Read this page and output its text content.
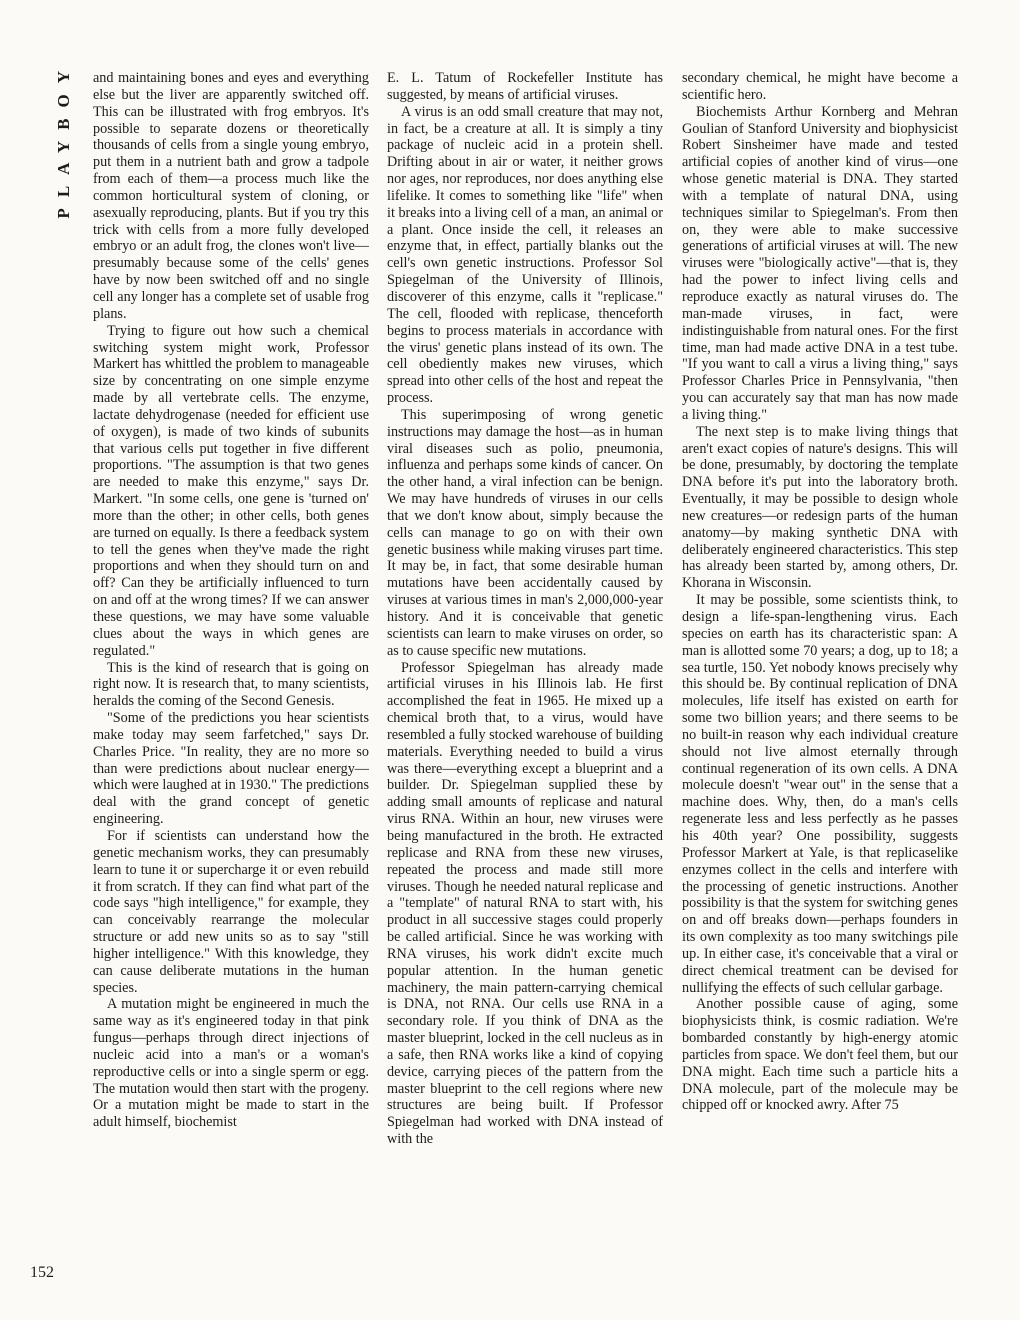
PLAYBOY and maintaining bones and eyes and everything else but the liver are apparently switched off. This can be illustrated with frog embryos. It's possible to separate dozens or theoretically thousands of cells from a single young embryo, put them in a nutrient bath and grow a tadpole from each of them—a process much like the common horticultural system of cloning, or asexually reproducing, plants. But if you try this trick with cells from a more fully developed embryo or an adult frog, the clones won't live—presumably because some of the cells' genes have by now been switched off and no single cell any longer has a complete set of usable frog plans.

Trying to figure out how such a chemical switching system might work, Professor Markert has whittled the problem to manageable size by concentrating on one simple enzyme made by all vertebrate cells. The enzyme, lactate dehydrogenase (needed for efficient use of oxygen), is made of two kinds of subunits that various cells put together in five different proportions. "The assumption is that two genes are needed to make this enzyme," says Dr. Markert. "In some cells, one gene is 'turned on' more than the other; in other cells, both genes are turned on equally. Is there a feedback system to tell the genes when they've made the right proportions and when they should turn on and off? Can they be artificially influenced to turn on and off at the wrong times? If we can answer these questions, we may have some valuable clues about the ways in which genes are regulated."

This is the kind of research that is going on right now. It is research that, to many scientists, heralds the coming of the Second Genesis.

"Some of the predictions you hear scientists make today may seem farfetched," says Dr. Charles Price. "In reality, they are no more so than were predictions about nuclear energy—which were laughed at in 1930." The predictions deal with the grand concept of genetic engineering.

For if scientists can understand how the genetic mechanism works, they can presumably learn to tune it or supercharge it or even rebuild it from scratch. If they can find what part of the code says "high intelligence," for example, they can conceivably rearrange the molecular structure or add new units so as to say "still higher intelligence." With this knowledge, they can cause deliberate mutations in the human species.

A mutation might be engineered in much the same way as it's engineered today in that pink fungus—perhaps through direct injections of nucleic acid into a man's or a woman's reproductive cells or into a single sperm or egg. The mutation would then start with the progeny. Or a mutation might be made to start in the adult himself, biochemist

E. L. Tatum of Rockefeller Institute has suggested, by means of artificial viruses.

A virus is an odd small creature that may not, in fact, be a creature at all. It is simply a tiny package of nucleic acid in a protein shell. Drifting about in air or water, it neither grows nor ages, nor reproduces, nor does anything else lifelike. It comes to something like "life" when it breaks into a living cell of a man, an animal or a plant. Once inside the cell, it releases an enzyme that, in effect, partially blanks out the cell's own genetic instructions. Professor Sol Spiegelman of the University of Illinois, discoverer of this enzyme, calls it "replicase." The cell, flooded with replicase, thenceforth begins to process materials in accordance with the virus' genetic plans instead of its own. The cell obediently makes new viruses, which spread into other cells of the host and repeat the process.

This superimposing of wrong genetic instructions may damage the host—as in human viral diseases such as polio, pneumonia, influenza and perhaps some kinds of cancer. On the other hand, a viral infection can be benign. We may have hundreds of viruses in our cells that we don't know about, simply because the cells can manage to go on with their own genetic business while making viruses part time. It may be, in fact, that some desirable human mutations have been accidentally caused by viruses at various times in man's 2,000,000-year history. And it is conceivable that genetic scientists can learn to make viruses on order, so as to cause specific new mutations.

Professor Spiegelman has already made artificial viruses in his Illinois lab. He first accomplished the feat in 1965. He mixed up a chemical broth that, to a virus, would have resembled a fully stocked warehouse of building materials. Everything needed to build a virus was there—everything except a blueprint and a builder. Dr. Spiegelman supplied these by adding small amounts of replicase and natural virus RNA. Within an hour, new viruses were being manufactured in the broth. He extracted replicase and RNA from these new viruses, repeated the process and made still more viruses. Though he needed natural replicase and a "template" of natural RNA to start with, his product in all successive stages could properly be called artificial. Since he was working with RNA viruses, his work didn't excite much popular attention. In the human genetic machinery, the main pattern-carrying chemical is DNA, not RNA. Our cells use RNA in a secondary role. If you think of DNA as the master blueprint, locked in the cell nucleus as in a safe, then RNA works like a kind of copying device, carrying pieces of the pattern from the master blueprint to the cell regions where new structures are being built. If Professor Spiegelman had worked with DNA instead of with the

secondary chemical, he might have become a scientific hero.

Biochemists Arthur Kornberg and Mehran Goulian of Stanford University and biophysicist Robert Sinsheimer have made and tested artificial copies of another kind of virus—one whose genetic material is DNA. They started with a template of natural DNA, using techniques similar to Spiegelman's. From then on, they were able to make successive generations of artificial viruses at will. The new viruses were "biologically active"—that is, they had the power to infect living cells and reproduce exactly as natural viruses do. The man-made viruses, in fact, were indistinguishable from natural ones. For the first time, man had made active DNA in a test tube. "If you want to call a virus a living thing," says Professor Charles Price in Pennsylvania, "then you can accurately say that man has now made a living thing."

The next step is to make living things that aren't exact copies of nature's designs. This will be done, presumably, by doctoring the template DNA before it's put into the laboratory broth. Eventually, it may be possible to design whole new creatures—or redesign parts of the human anatomy—by making synthetic DNA with deliberately engineered characteristics. This step has already been started by, among others, Dr. Khorana in Wisconsin.

It may be possible, some scientists think, to design a life-span-lengthening virus. Each species on earth has its characteristic span: A man is allotted some 70 years; a dog, up to 18; a sea turtle, 150. Yet nobody knows precisely why this should be. By continual replication of DNA molecules, life itself has existed on earth for some two billion years; and there seems to be no built-in reason why each individual creature should not live almost eternally through continual regeneration of its own cells. A DNA molecule doesn't "wear out" in the sense that a machine does. Why, then, do a man's cells regenerate less and less perfectly as he passes his 40th year? One possibility, suggests Professor Markert at Yale, is that replicaselike enzymes collect in the cells and interfere with the processing of genetic instructions. Another possibility is that the system for switching genes on and off breaks down—perhaps founders in its own complexity as too many switchings pile up. In either case, it's conceivable that a viral or direct chemical treatment can be devised for nullifying the effects of such cellular garbage.

Another possible cause of aging, some biophysicists think, is cosmic radiation. We're bombarded constantly by high-energy atomic particles from space. We don't feel them, but our DNA might. Each time such a particle hits a DNA molecule, part of the molecule may be chipped off or knocked awry. After 75

152
